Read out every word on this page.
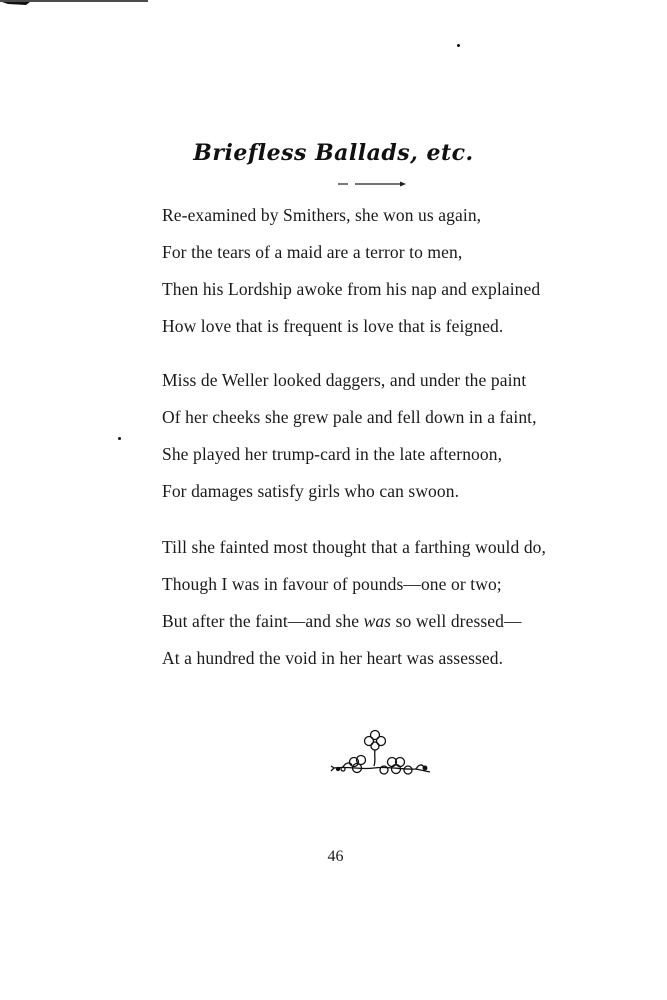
Briefless Ballads, etc.
Re-examined by Smithers, she won us again,
For the tears of a maid are a terror to men,
Then his Lordship awoke from his nap and explained
How love that is frequent is love that is feigned.
Miss de Weller looked daggers, and under the paint
Of her cheeks she grew pale and fell down in a faint,
She played her trump-card in the late afternoon,
For damages satisfy girls who can swoon.
Till she fainted most thought that a farthing would do,
Though I was in favour of pounds—one or two;
But after the faint—and she was so well dressed—
At a hundred the void in her heart was assessed.
46
